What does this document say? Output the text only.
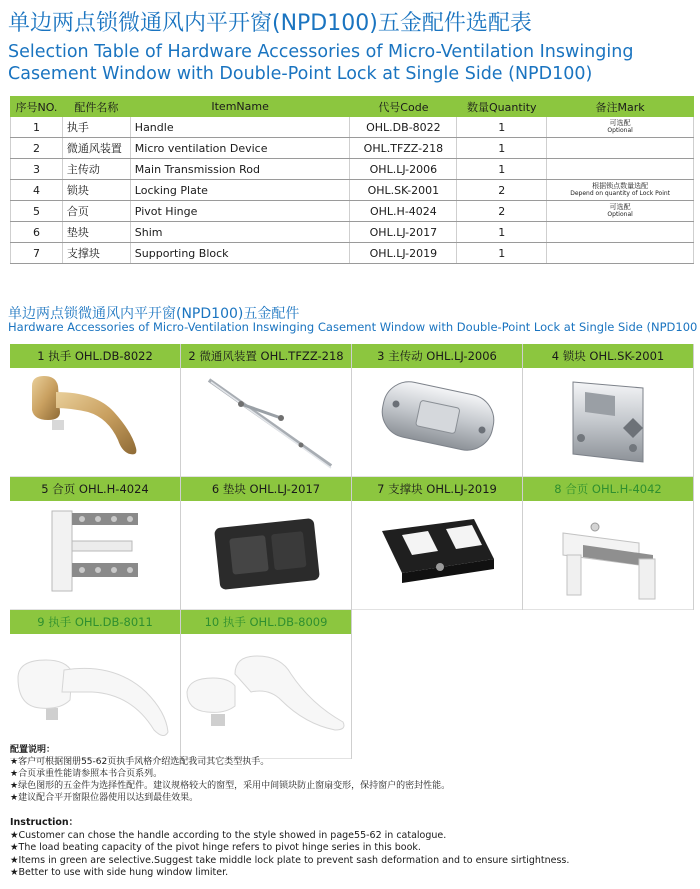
单边两点锁微通风内平开窗(NPD100)五金配件选配表
Selection Table of Hardware Accessories of Micro-Ventilation Inswinging Casement Window with Double-Point Lock at Single Side (NPD100)
序号NO.	配件名称	ItemName	代号Code	数量Quantity	备注Mark
1	执手	Handle	OHL.DB-8022	1	可选配
Optional

2	微通风装置	Micro ventilation Device	OHL.TFZZ-218	1	

3	主传动	Main Transmission Rod	OHL.LJ-2006	1	

4	锁块	Locking Plate	OHL.SK-2001	2	根据锁点数量选配
Depend on quantity of Lock Point

5	合页	Pivot Hinge	OHL.H-4024	2	可选配
Optional

6	垫块	Shim	OHL.LJ-2017	1	

7	支撑块	Supporting Block	OHL.LJ-2019	1	
单边两点锁微通风内平开窗(NPD100)五金配件
Hardware Accessories of Micro-Ventilation Inswinging Casement Window with Double-Point Lock at Single Side (NPD100
1 执手 OHL.DB-8022	2 微通风装置 OHL.TFZZ-218	3 主传动 OHL.LJ-2006	4 锁块 OHL.SK-2001
5 合页 OHL.H-4024	6 垫块 OHL.LJ-2017	7 支撑块 OHL.LJ-2019	8 合页 OHL.H-4042
9 执手 OHL.DB-8011	10 执手 OHL.DB-8009
配置说明：
★客户可根据图册55-62页执手风格介绍选配我司其它类型执手。
★合页承重性能请参照本书合页系列。
★绿色图形的五金件为选择性配件。建议规格较大的窗型，采用中间锁块防止窗扇变形，保持窗户的密封性能。
★建议配合平开窗限位器使用以达到最佳效果。
Instruction：
★Customer can chose the handle according to the style showed in page55-62 in catalogue.
★The load beating capacity of the pivot hinge refers to pivot hinge series in this book.
★Items in green are selective.Suggest take middle lock plate to prevent sash deformation and to ensure sirtightness.
★Better to use with side hung window limiter.
